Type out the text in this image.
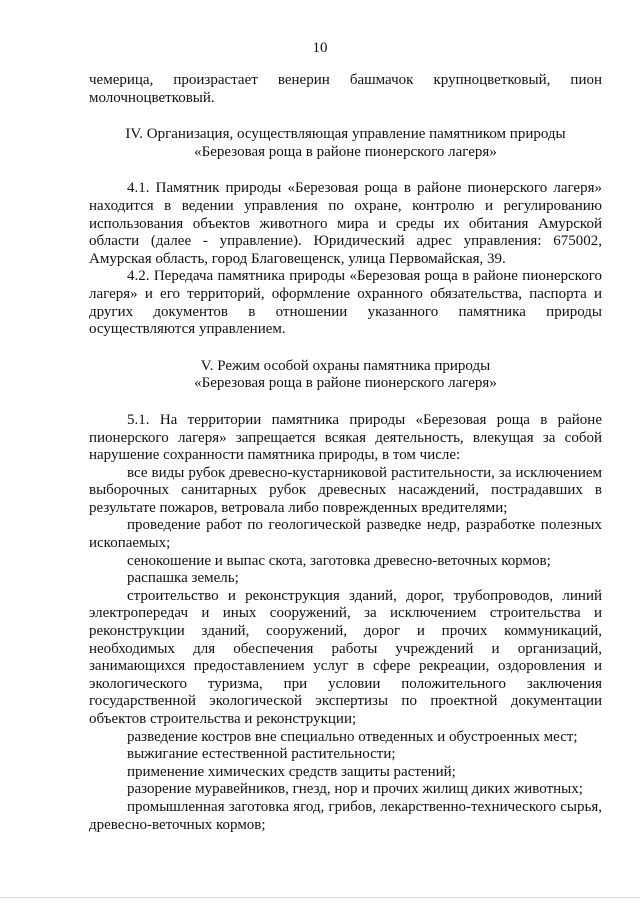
10

чемерица, произрастает венерин башмачок крупноцветковый, пион молочноцветковый.

IV. Организация, осуществляющая управление памятником природы

«Березовая роща в районе пионерского лагеря»

4.1. Памятник природы «Березовая роща в районе пионерского лагеря» находится в ведении управления по охране, контролю и регулированию использования объектов животного мира и среды их обитания Амурской области (далее - управление). Юридический адрес управления: 675002, Амурская область, город Благовещенск, улица Первомайская, 39.

4.2. Передача памятника природы «Березовая роща в районе пионерского лагеря» и его территорий, оформление охранного обязательства, паспорта и других документов в отношении указанного памятника природы осуществляются управлением.

V. Режим особой охраны памятника природы

«Березовая роща в районе пионерского лагеря»

5.1. На территории памятника природы «Березовая роща в районе пионерского лагеря» запрещается всякая деятельность, влекущая за собой нарушение сохранности памятника природы, в том числе:

все виды рубок древесно-кустарниковой растительности, за исключением выборочных санитарных рубок древесных насаждений, пострадавших в результате пожаров, ветровала либо поврежденных вредителями;

проведение работ по геологической разведке недр, разработке полезных ископаемых;

сенокошение и выпас скота, заготовка древесно-веточных кормов;

распашка земель;

строительство и реконструкция зданий, дорог, трубопроводов, линий электропередач и иных сооружений, за исключением строительства и реконструкции зданий, сооружений, дорог и прочих коммуникаций, необходимых для обеспечения работы учреждений и организаций, занимающихся предоставлением услуг в сфере рекреации, оздоровления и экологического туризма, при условии положительного заключения государственной экологической экспертизы по проектной документации объектов строительства и реконструкции;

разведение костров вне специально отведенных и обустроенных мест;

выжигание естественной растительности;

применение химических средств защиты растений;

разорение муравейников, гнезд, нор и прочих жилищ диких животных;

промышленная заготовка ягод, грибов, лекарственно-технического сырья, древесно-веточных кормов;
